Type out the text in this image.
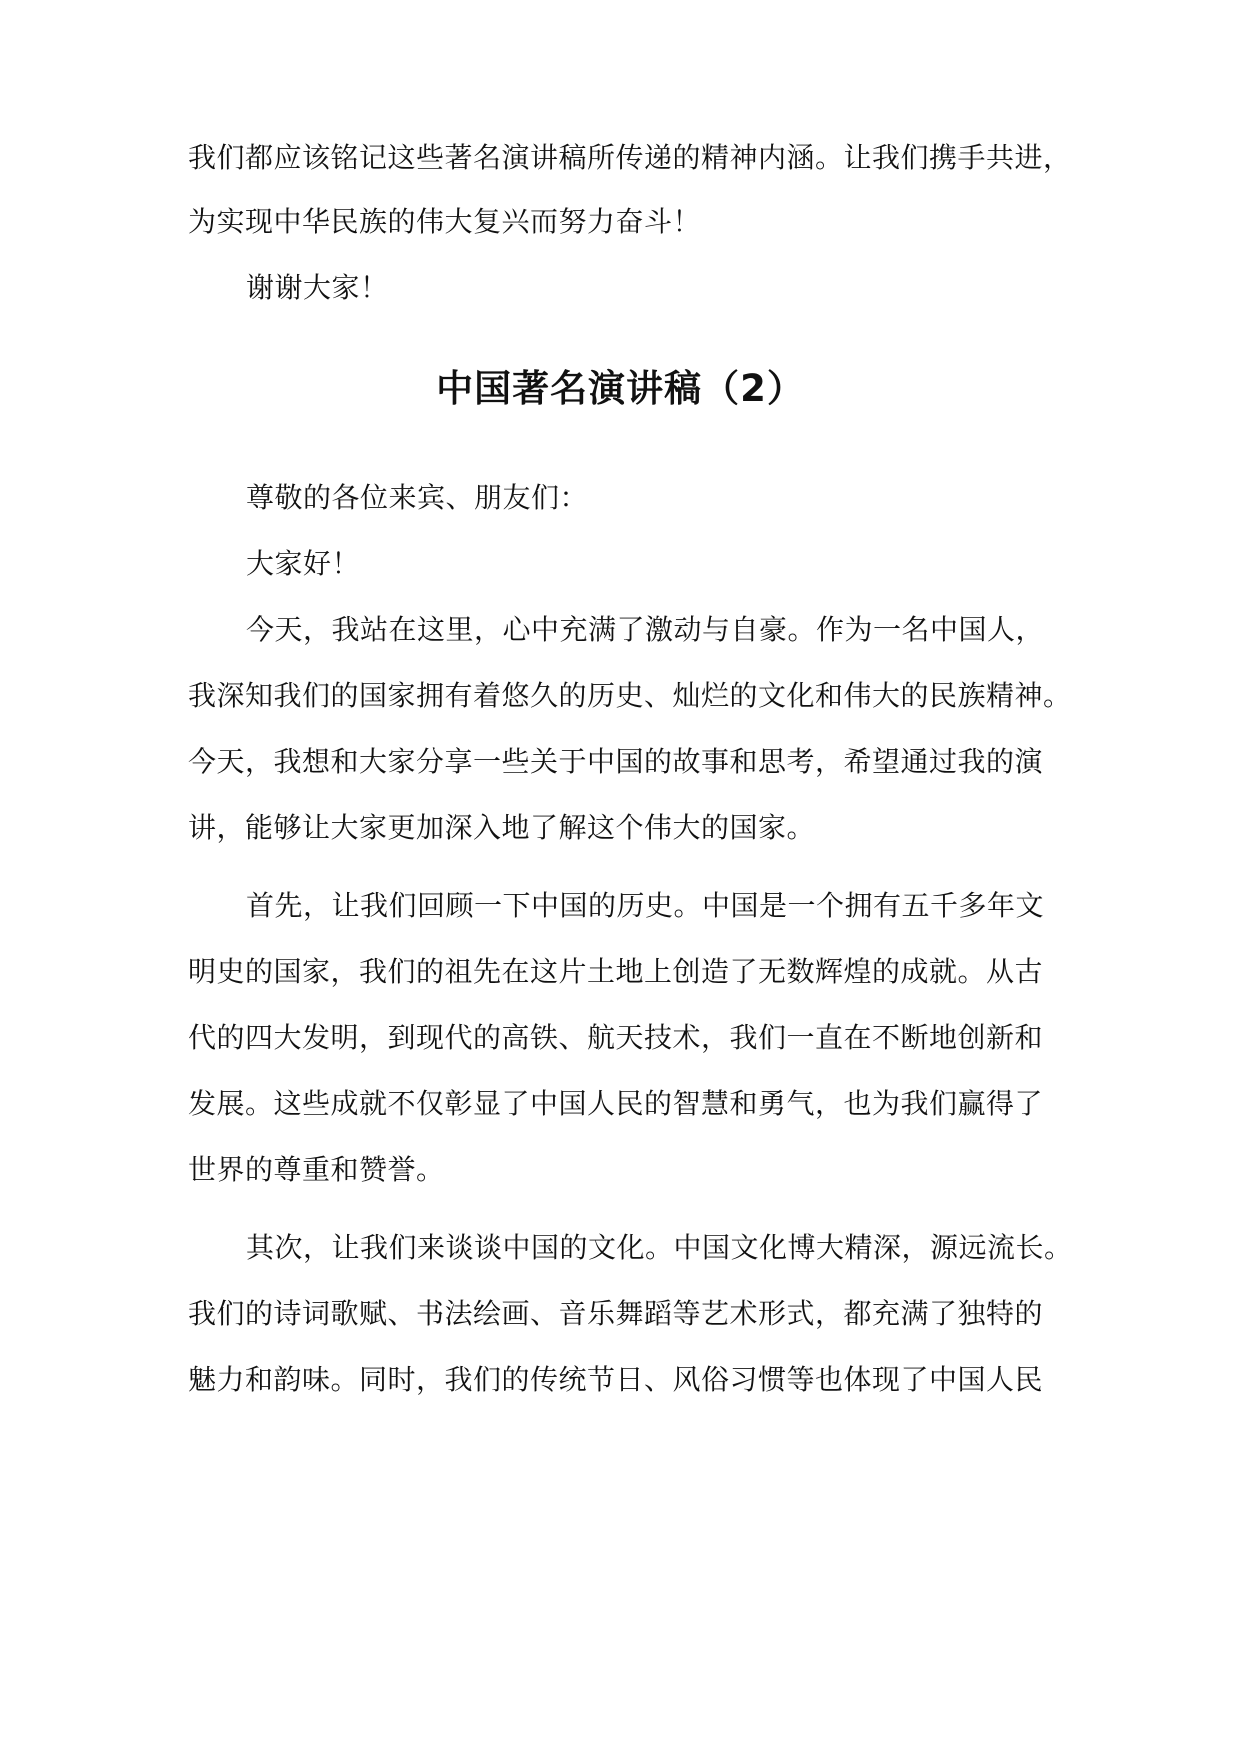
我们都应该铭记这些著名演讲稿所传递的精神内涵。让我们携手共进，
为实现中华民族的伟大复兴而努力奋斗！
谢谢大家！
中国著名演讲稿（2）
尊敬的各位来宾、朋友们：
大家好！
今天，我站在这里，心中充满了激动与自豪。作为一名中国人，
我深知我们的国家拥有着悠久的历史、灿烂的文化和伟大的民族精神。
今天，我想和大家分享一些关于中国的故事和思考，希望通过我的演
讲，能够让大家更加深入地了解这个伟大的国家。
首先，让我们回顾一下中国的历史。中国是一个拥有五千多年文
明史的国家，我们的祖先在这片土地上创造了无数辉煌的成就。从古
代的四大发明，到现代的高铁、航天技术，我们一直在不断地创新和
发展。这些成就不仅彰显了中国人民的智慧和勇气，也为我们赢得了
世界的尊重和赞誉。
其次，让我们来谈谈中国的文化。中国文化博大精深，源远流长。
我们的诗词歌赋、书法绘画、音乐舞蹈等艺术形式，都充满了独特的
魅力和韵味。同时，我们的传统节日、风俗习惯等也体现了中国人民
